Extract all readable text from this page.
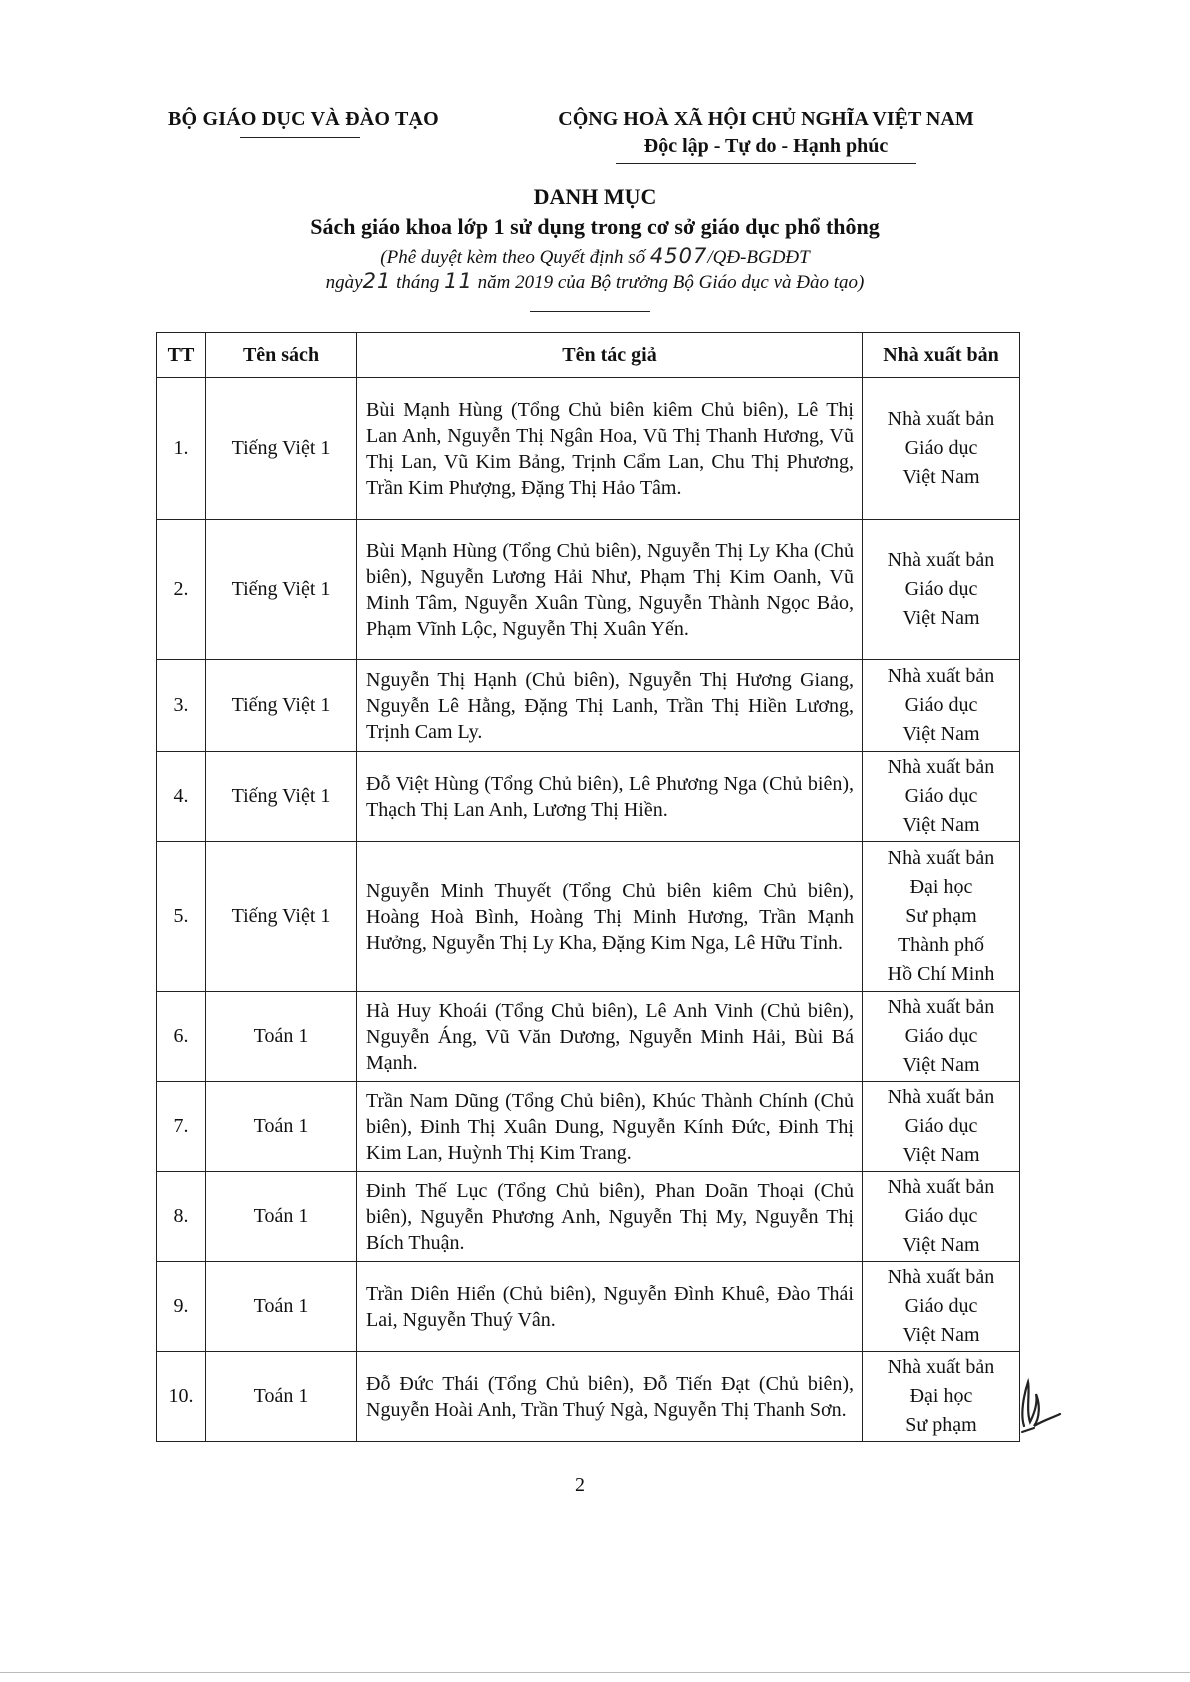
BỘ GIÁO DỤC VÀ ĐÀO TẠO	CỘNG HOÀ XÃ HỘI CHỦ NGHĨA VIỆT NAM
Độc lập - Tự do - Hạnh phúc
DANH MỤC
Sách giáo khoa lớp 1 sử dụng trong cơ sở giáo dục phổ thông
(Phê duyệt kèm theo Quyết định số 4507/QĐ-BGDĐT
ngày21 tháng 11 năm 2019 của Bộ trưởng Bộ Giáo dục và Đào tạo)
TT	Tên sách	Tên tác giả	Nhà xuất bản
1.	Tiếng Việt 1	Bùi Mạnh Hùng (Tổng Chủ biên kiêm Chủ biên), Lê Thị Lan Anh, Nguyễn Thị Ngân Hoa, Vũ Thị Thanh Hương, Vũ Thị Lan, Vũ Kim Bảng, Trịnh Cẩm Lan, Chu Thị Phương, Trần Kim Phượng, Đặng Thị Hảo Tâm.	Nhà xuất bản
Giáo dục
Việt Nam

2.	Tiếng Việt 1	Bùi Mạnh Hùng (Tổng Chủ biên), Nguyễn Thị Ly Kha (Chủ biên), Nguyễn Lương Hải Như, Phạm Thị Kim Oanh, Vũ Minh Tâm, Nguyễn Xuân Tùng, Nguyễn Thành Ngọc Bảo, Phạm Vĩnh Lộc, Nguyễn Thị Xuân Yến.	Nhà xuất bản
Giáo dục
Việt Nam

3.	Tiếng Việt 1	Nguyễn Thị Hạnh (Chủ biên), Nguyễn Thị Hương Giang, Nguyễn Lê Hằng, Đặng Thị Lanh, Trần Thị Hiền Lương, Trịnh Cam Ly.	Nhà xuất bản
Giáo dục
Việt Nam

4.	Tiếng Việt 1	Đỗ Việt Hùng (Tổng Chủ biên), Lê Phương Nga (Chủ biên), Thạch Thị Lan Anh, Lương Thị Hiền.	Nhà xuất bản
Giáo dục
Việt Nam

5.	Tiếng Việt 1	Nguyễn Minh Thuyết (Tổng Chủ biên kiêm Chủ biên), Hoàng Hoà Bình, Hoàng Thị Minh Hương, Trần Mạnh Hưởng, Nguyễn Thị Ly Kha, Đặng Kim Nga, Lê Hữu Tỉnh.	Nhà xuất bản
Đại học
Sư phạm
Thành phố
Hồ Chí Minh

6.	Toán 1	Hà Huy Khoái (Tổng Chủ biên), Lê Anh Vinh (Chủ biên), Nguyễn Áng, Vũ Văn Dương, Nguyễn Minh Hải, Bùi Bá Mạnh.	Nhà xuất bản
Giáo dục
Việt Nam

7.	Toán 1	Trần Nam Dũng (Tổng Chủ biên), Khúc Thành Chính (Chủ biên), Đinh Thị Xuân Dung, Nguyễn Kính Đức, Đinh Thị Kim Lan, Huỳnh Thị Kim Trang.	Nhà xuất bản
Giáo dục
Việt Nam

8.	Toán 1	Đinh Thế Lục (Tổng Chủ biên), Phan Doãn Thoại (Chủ biên), Nguyễn Phương Anh, Nguyễn Thị My, Nguyễn Thị Bích Thuận.	Nhà xuất bản
Giáo dục
Việt Nam

9.	Toán 1	Trần Diên Hiển (Chủ biên), Nguyễn Đình Khuê, Đào Thái Lai, Nguyễn Thuý Vân.	Nhà xuất bản
Giáo dục
Việt Nam

10.	Toán 1	Đỗ Đức Thái (Tổng Chủ biên), Đỗ Tiến Đạt (Chủ biên), Nguyễn Hoài Anh, Trần Thuý Ngà, Nguyễn Thị Thanh Sơn.	Nhà xuất bản
Đại học
Sư phạm
2
